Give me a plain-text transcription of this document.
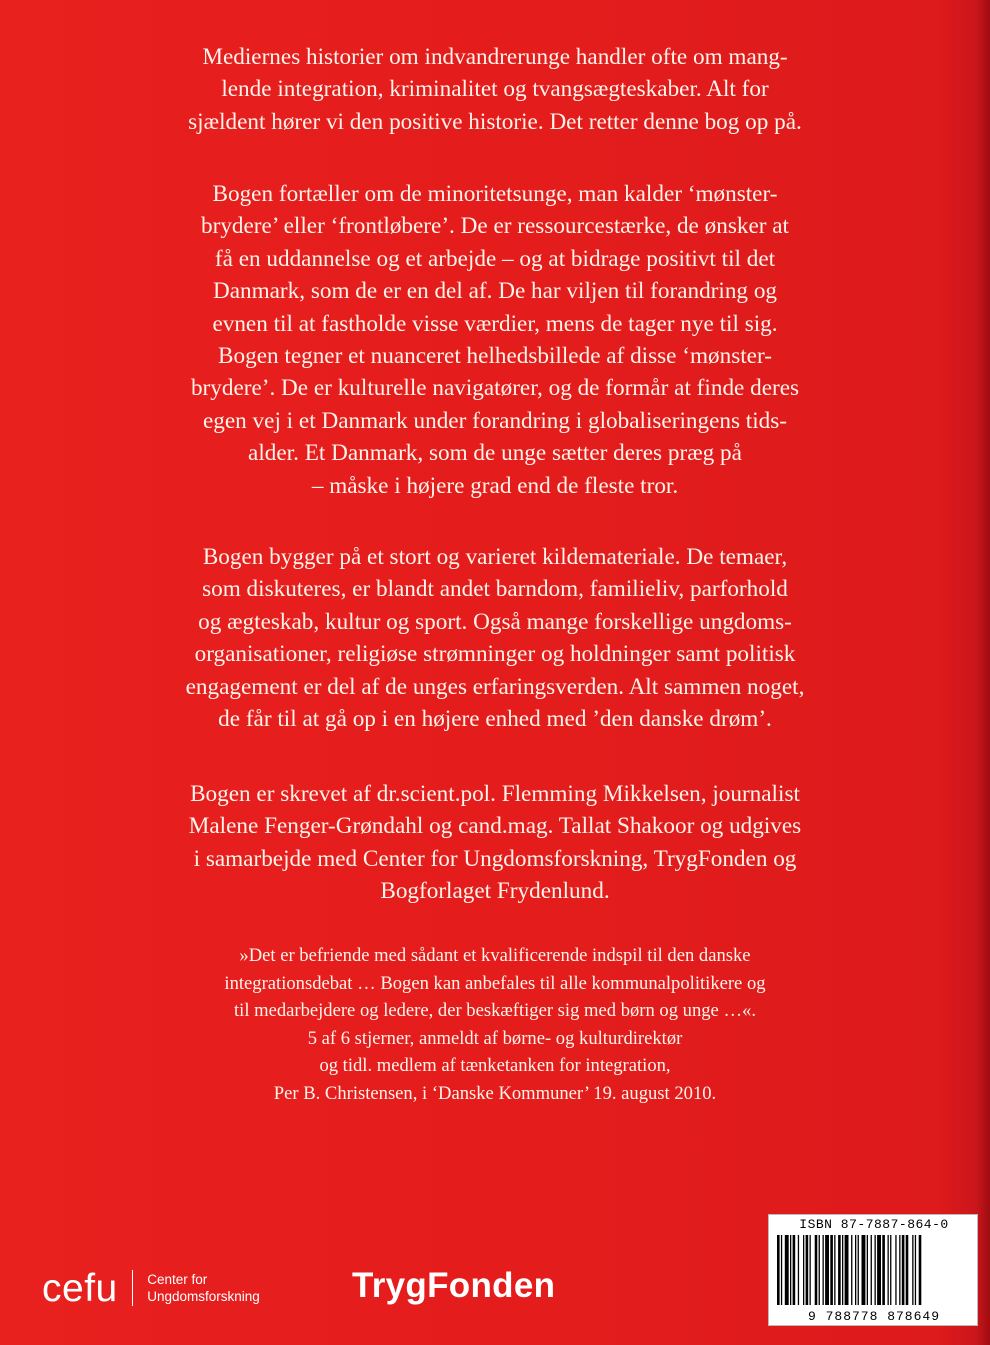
Mediernes historier om indvandrerunge handler ofte om mang-

lende integration, kriminalitet og tvangsægteskaber. Alt for

sjældent hører vi den positive historie. Det retter denne bog op på.

Bogen fortæller om de minoritetsunge, man kalder ‘mønster-

brydere’ eller ‘frontløbere’. De er ressourcestærke, de ønsker at

få en uddannelse og et arbejde – og at bidrage positivt til det

Danmark, som de er en del af. De har viljen til forandring og

evnen til at fastholde visse værdier, mens de tager nye til sig.

Bogen tegner et nuanceret helhedsbillede af disse ‘mønster-

brydere’. De er kulturelle navigatører, og de formår at finde deres

egen vej i et Danmark under forandring i globaliseringens tids-

alder. Et Danmark, som de unge sætter deres præg på

– måske i højere grad end de fleste tror.

Bogen bygger på et stort og varieret kildemateriale. De temaer,

som diskuteres, er blandt andet barndom, familieliv, parforhold

og ægteskab, kultur og sport. Også mange forskellige ungdoms-

organisationer, religiøse strømninger og holdninger samt politisk

engagement er del af de unges erfaringsverden. Alt sammen noget,

de får til at gå op i en højere enhed med ’den danske drøm’.

Bogen er skrevet af dr.scient.pol. Flemming Mikkelsen, journalist

Malene Fenger-Grøndahl og cand.mag. Tallat Shakoor og udgives

i samarbejde med Center for Ungdomsforskning, TrygFonden og

Bogforlaget Frydenlund.

»Det er befriende med sådant et kvalificerende indspil til den danske

integrationsdebat … Bogen kan anbefales til alle kommunalpolitikere og

til medarbejdere og ledere, der beskæftiger sig med børn og unge …«.

5 af 6 stjerner, anmeldt af børne- og kulturdirektør

og tidl. medlem af tænketanken for integration,

Per B. Christensen, i ‘Danske Kommuner’ 19. august 2010.

cefu Center for
Ungdomsforskning	TrygFonden
ISBN 87-7887-864-0
9 788778 878649
